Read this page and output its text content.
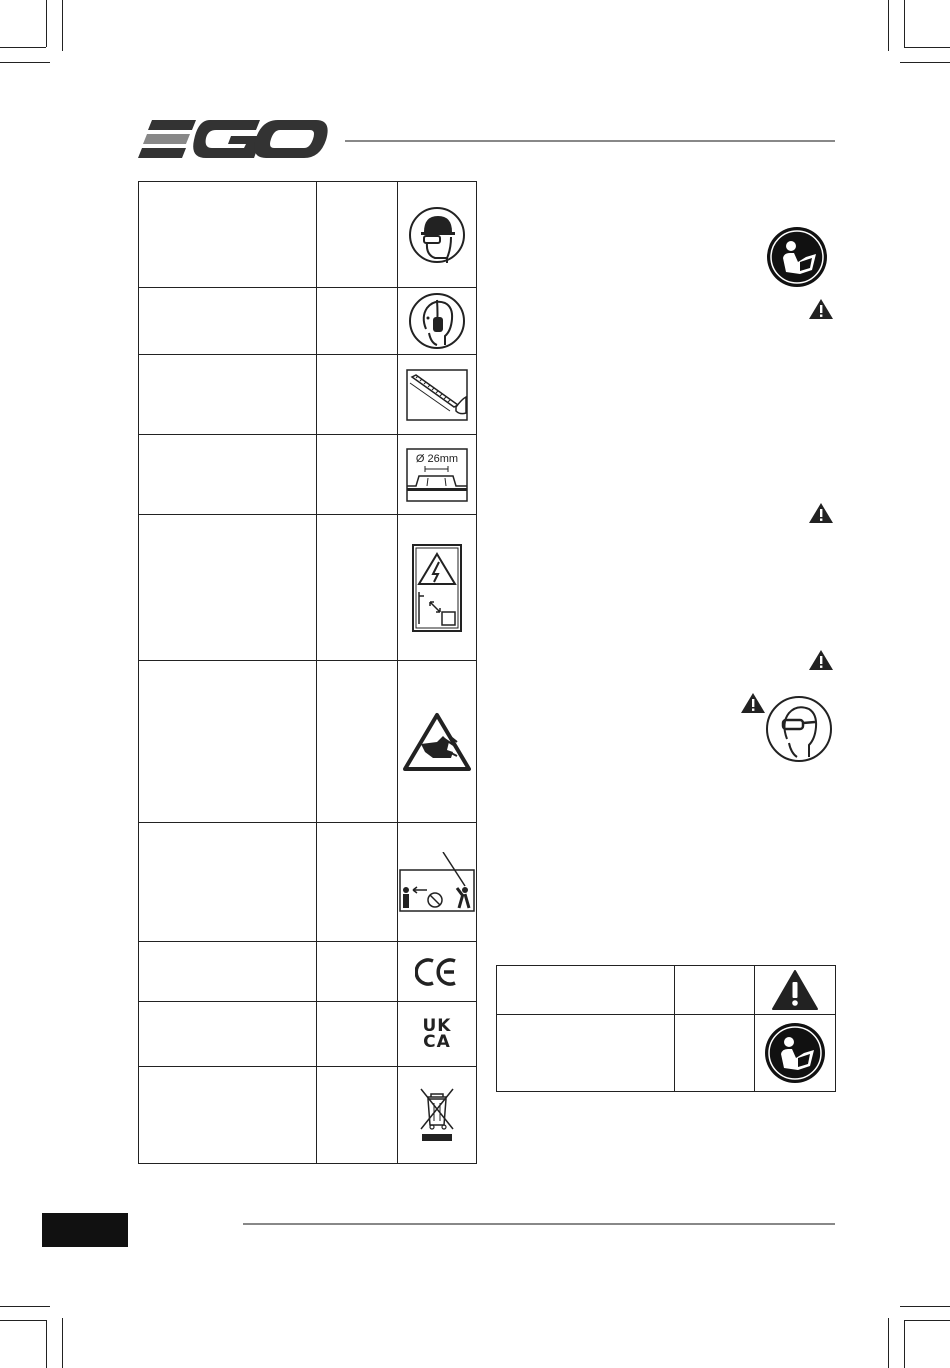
Ø 26mm

		UK
CA
